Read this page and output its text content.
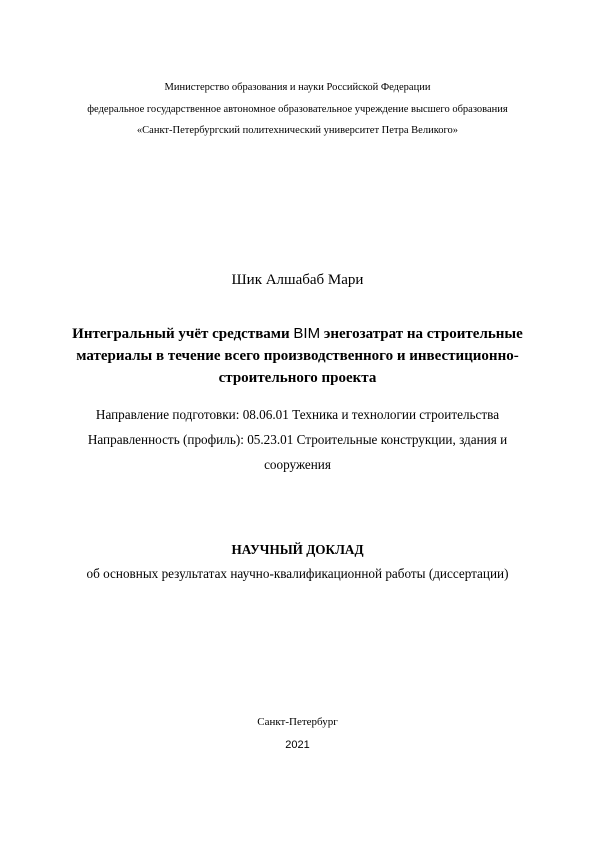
Министерство образования и науки Российской Федерации
федеральное государственное автономное образовательное учреждение высшего образования
«Санкт-Петербургский политехнический университет Петра Великого»
Шик Алшабаб Мари
Интегральный учёт средствами BIM энегозатрат на строительные
материалы в течение всего производственного и инвестиционно-
строительного проекта
Направление подготовки: 08.06.01 Техника и технологии строительства
Направленность (профиль): 05.23.01 Строительные конструкции, здания и
сооружения
НАУЧНЫЙ ДОКЛАД
об основных результатах научно-квалификационной работы (диссертации)
Санкт-Петербург
2021
